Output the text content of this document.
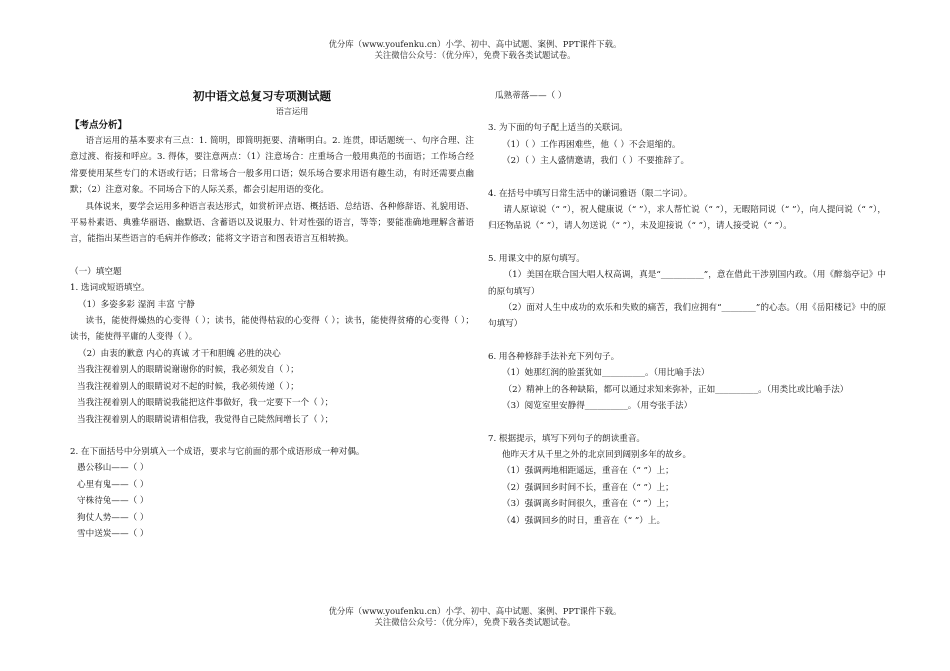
优分库（www.youfenku.cn）小学、初中、高中试题、案例、PPT课件下载。
关注微信公众号：（优分库），免费下载各类试题试卷。
初中语文总复习专项测试题
语言运用
【考点分析】
语言运用的基本要求有三点：1. 简明，即简明扼要、清晰明白。2. 连贯，即话题统一、句序合理、注意过渡、衔接和呼应。3. 得体，要注意两点：（1）注意场合：庄重场合一般用典范的书面语；工作场合经常要使用某些专门的术语或行话；日常场合一般多用口语；娱乐场合要求用语有趣生动，有时还需要点幽默；（2）注意对象。不同场合下的人际关系，都会引起用语的变化。
具体说来，要学会运用多种语言表达形式，如赏析评点语、概括语、总结语、各种修辞语、礼貌用语、平易朴素语、典雅华丽语、幽默语、含蓄语以及说服力、针对性强的语言，等等；要能准确地理解含蓄语言，能指出某些语言的毛病并作修改；能将文字语言和图表语言互相转换。
（一）填空题
1. 选词或短语填空。
（1）多姿多彩 湿润 丰富 宁静
读书，能使得燥热的心变得（ ）；读书，能使得枯寂的心变得（ ）；读书，能使得贫瘠的心变得（ ）；读书，能使得平庸的人变得（ ）。
（2）由衷的歉意 内心的真诚 才干和胆魄 必胜的决心
当我注视着别人的眼睛说谢谢你的时候，我必须发自（ ）；
当我注视着别人的眼睛说对不起的时候，我必须传递（ ）；
当我注视着别人的眼睛说我能把这件事做好，我一定要下一个（ ）；
当我注视着别人的眼睛说请相信我，我觉得自己陡然间增长了（ ）；
2. 在下面括号中分别填入一个成语，要求与它前面的那个成语形成一种对偶。
愚公移山——（ ）
心里有鬼——（ ）
守株待兔——（ ）
狗仗人势——（ ）
雪中送炭——（ ）
瓜熟蒂落——（ ）
3. 为下面的句子配上适当的关联词。
（1）（ ）工作再困难些，他（ ）不会退缩的。
（2）（ ）主人盛情邀请，我们（ ）不要推辞了。
4. 在括号中填写日常生活中的谦词雅语（限二字词）。
请人原谅说（“ ”），祝人健康说（“ ”），求人帮忙说（“ ”），无暇陪同说（“ ”），向人提问说（“ ”），归还物品说（“ ”），请人勿送说（“ ”），未及迎接说（“ ”），请人接受说（“ ”）。
5. 用课文中的原句填写。
（1）美国在联合国大唱人权高调，真是“__________”，意在借此干涉别国内政。（用《醉翁亭记》中的原句填写）
（2）面对人生中成功的欢乐和失败的痛苦，我们应拥有“________”的心态。（用《岳阳楼记》中的原句填写）
6. 用各种修辞手法补充下列句子。
（1）她那红润的脸蛋犹如__________。（用比喻手法）
（2）精神上的各种缺陷，都可以通过求知来弥补，正如__________。（用类比或比喻手法）
（3）阅览室里安静得__________。（用夸张手法）
7. 根据提示，填写下列句子的朗读重音。
他昨天才从千里之外的北京回到阔别多年的故乡。
（1）强调两地相距遥远，重音在（“ ”）上；
（2）强调回乡时间不长，重音在（“ ”）上；
（3）强调离乡时间很久，重音在（“ ”）上；
（4）强调回乡的时日，重音在（“ ”）上。
优分库（www.youfenku.cn）小学、初中、高中试题、案例、PPT课件下载。
关注微信公众号：（优分库），免费下载各类试题试卷。
